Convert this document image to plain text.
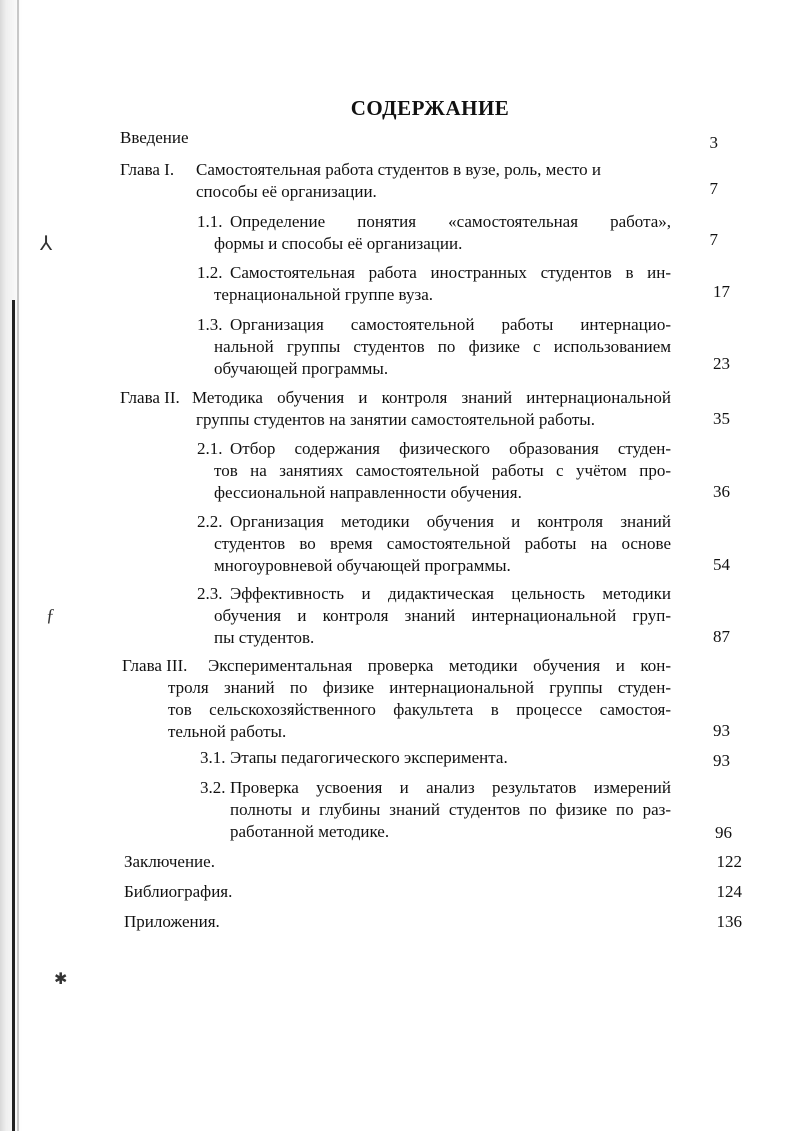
⅄
ƒ
✱
СОДЕРЖАНИЕ
Введение	3
Глава I. Самостоятельная работа студентов в вузе, роль, место и
способы её организации.	7
1.1. Определение понятия «самостоятельная работа»,
формы и способы её организации.	7
1.2. Самостоятельная работа иностранных студентов в ин-
тернациональной группе вуза.	17
1.3. Организация самостоятельной работы интернацио-
нальной группы студентов по физике с использованием
обучающей программы.	23
Глава II. Методика обучения и контроля знаний интернациональной
группы студентов на занятии самостоятельной работы.	35
2.1. Отбор содержания физического образования студен-
тов на занятиях самостоятельной работы с учётом про-
фессиональной направленности обучения.	36
2.2. Организация методики обучения и контроля знаний
студентов во время самостоятельной работы на основе
многоуровневой обучающей программы.	54
2.3. Эффективность и дидактическая цельность методики
обучения и контроля знаний интернациональной груп-
пы студентов.	87
Глава III. Экспериментальная проверка методики обучения и кон-
троля знаний по физике интернациональной группы студен-
тов сельскохозяйственного факультета в процессе самостоя-
тельной работы.	93
3.1. Этапы педагогического эксперимента.	93
3.2. Проверка усвоения и анализ результатов измерений
полноты и глубины знаний студентов по физике по раз-
работанной методике.	96
Заключение.	122
Библиография.	124
Приложения.	136
